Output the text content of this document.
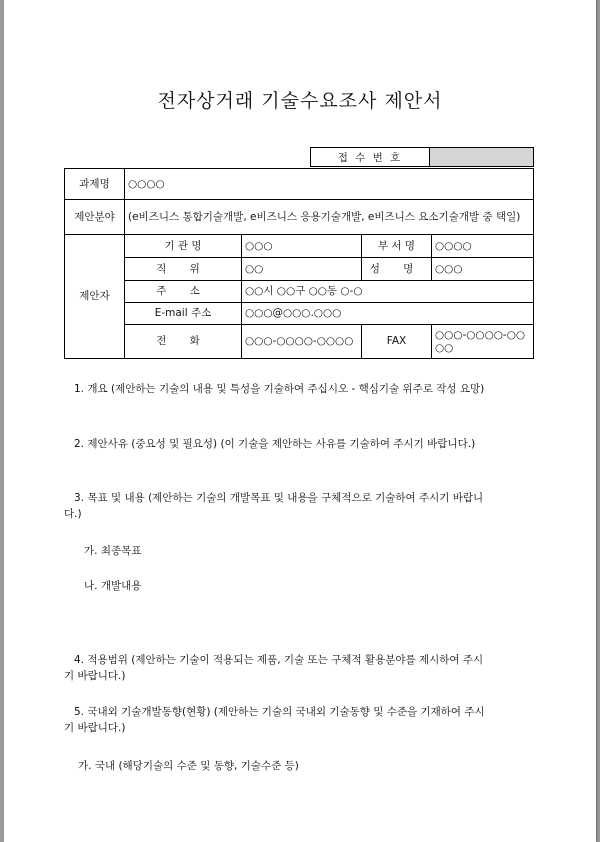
전자상거래 기술수요조사 제안서
접 수 번 호	
과제명	○○○○			
제안분야	(e비즈니스 통합기술개발, e비즈니스 응용기술개발, e비즈니스 요소기술개발 중 택일)			
제안자	기 관 명	○○○	부 서 명	○○○○
	직 위	○○	성 명	○○○
	주 소	○○시 ○○구 ○○동 ○-○		
	E-mail 주소	○○○@○○○.○○○		
	전 화	○○○-○○○○-○○○○	FAX	○○○-○○○○-○○○○
1. 개요 (제안하는 기술의 내용 및 특성을 기술하여 주십시오 - 핵심기술 위주로 작성 요망)
2. 제안사유 (중요성 및 필요성) (이 기술을 제안하는 사유를 기술하여 주시기 바랍니다.)
3. 목표 및 내용 (제안하는 기술의 개발목표 및 내용을 구체적으로 기술하여 주시기 바랍니
다.)
가. 최종목표
나. 개발내용
4. 적용범위 (제안하는 기술이 적용되는 제품, 기술 또는 구체적 활용분야를 제시하여 주시
기 바랍니다.)
5. 국내외 기술개발동향(현황) (제안하는 기술의 국내외 기술동향 및 수준을 기재하여 주시
기 바랍니다.)
가. 국내 (해당기술의 수준 및 동향, 기술수준 등)
